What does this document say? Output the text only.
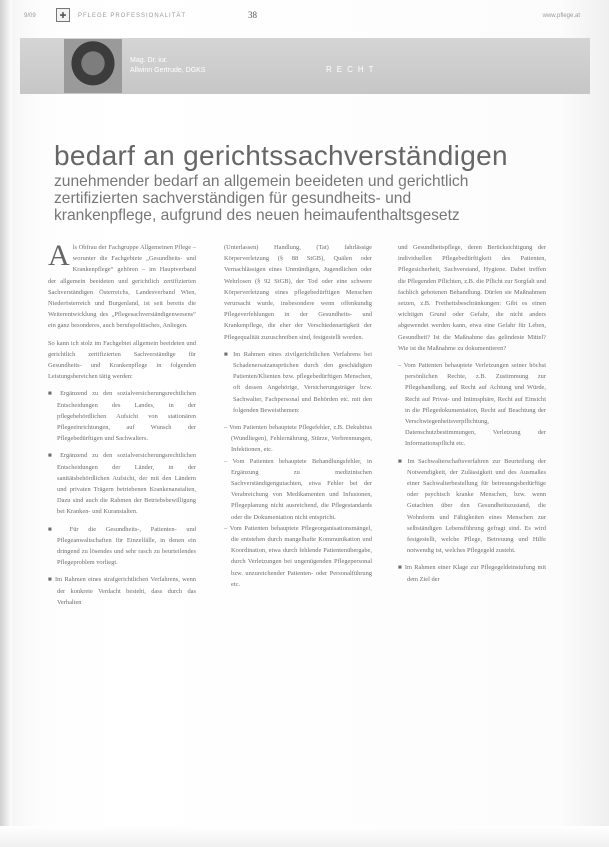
9/09	✚	PFLEGE PROFESSIONALITÄT	38	www.pflege.at
Mag. Dr. iur.
Allwinn Gertrude, DGKS	RECHT
bedarf an gerichtssachverständigen
zunehmender bedarf an allgemein beeideten und gerichtlich
zertifizierten sachverständigen für gesundheits- und
krankenpflege, aufgrund des neuen heimaufenthaltsgesetz

Als Obfrau der Fachgruppe Allgemeinen Pflege – worunter die Fachgebiete „Gesundheits- und Krankenpflege“ gehören – im Hauptverband der allgemein beeideten und gerichtlich zertifizierten Sachverständigen Österreichs, Landesverband Wien, Niederösterreich und Burgenland, ist seit bereits die Weiterentwicklung des „Pflegesachverständigenwesens“ ein ganz besonderes, auch berufspolitisches, Anliegen.

So kann ich stolz im Fachgebiet allgemein beeideten und gerichtlich zertifizierten Sachverständige für Gesundheits- und Krankenpflege in folgenden Leistungsbereichen tätig werden:

■ Ergänzend zu den sozialversicherungsrechtlichen Entscheidungen des Landes, in der pflegebehördlichen Aufsicht von stationären Pflegeeinrichtungen, auf Wunsch der Pflegebedürftigen und Sachwalters.

■ Ergänzend zu den sozialversicherungsrechtlichen Entscheidungen der Länder, in der sanitätsbehördlichen Aufsicht, der mit den Ländern und privaten Trägern betriebenen Krankenanstalten, Dazu sind auch die Rahmen der Betriebsbewilligung bei Kranken- und Kuranstalten.

■ Für die Gesundheits-, Patienten- und Pflegeanwaltschaften für Einzelfälle, in denen ein dringend zu lösendes und sehr rasch zu beurteilendes Pflegeproblem vorliegt.

■ Im Rahmen eines strafgerichtlichen Verfahrens, wenn der konkrete Verdacht besteht, dass durch das Verhalten

(Unterlassen) Handlung, (Tat) fahrlässige Körperverletzung (§ 88 StGB), Quälen oder Vernachlässigen eines Unmündigen, Jugendlichen oder Wehrlosen (§ 92 StGB), der Tod oder eine schwere Körperverletzung eines pflegebedürftigen Menschen verursacht wurde, insbesondere wenn offenkundig Pflegeverfehlungen in der Gesundheits- und Krankenpflege, die eher der Verschiedenartigkeit der Pflegequalität zuzuschreiben sind, festgestellt worden.

■ Im Rahmen eines zivilgerichtlichen Verfahrens bei Schadenersatzansprüchen durch den geschädigten Patienten/Klienten bzw. pflegebedürftigen Menschen, oft dessen Angehörige, Versicherungsträger bzw. Sachwalter, Fachpersonal und Behörden etc. mit den folgenden Beweisthemen:

– Vom Patienten behauptete Pflegefehler, z.B. Dekubitus (Wundliegen), Fehlernährung, Stürze, Verbrennungen, Infektionen, etc.

– Vom Patienten behauptete Behandlungsfehler, in Ergänzung zu medizinischen Sachverständigengutachten, etwa Fehler bei der Verabreichung von Medikamenten und Infusionen, Pflegeplanung nicht ausreichend, die Pflegestandards oder die Dokumentation nicht entspricht.

– Vom Patienten behauptete Pflegeorganisationsmängel, die entstehen durch mangelhafte Kommunikation und Koordination, etwa durch fehlende Patientenübergabe, durch Verletzungen bei ungenügenden Pflegepersonal bzw. unzureichender Patienten- oder Personalführung etc.

und Gesundheitspflege, deren Berücksichtigung der individuellen Pflegebedürftigkeit des Patienten, Pflegesicherheit, Sachverstand, Hygiene. Dabei treffen die Pflegenden Pflichten, z.B. die Pflicht zur Sorgfalt und fachlich gebotenen Behandlung. Dürfen sie Maßnahmen setzen, z.B. Freiheitsbeschränkungen: Gibt es einen wichtigen Grund oder Gefahr, die nicht anders abgewendet werden kann, etwa eine Gefahr für Leben, Gesundheit? Ist die Maßnahme das gelindeste Mittel? Wie ist die Maßnahme zu dokumentieren?

– Vom Patienten behauptete Verletzungen seiner höchst persönlichen Rechte, z.B. Zustimmung zur Pflegehandlung, auf Recht auf Achtung und Würde, Recht auf Privat- und Intimsphäre, Recht auf Einsicht in die Pflegedokumentation, Recht auf Beachtung der Verschwiegenheitsverpflichtung, Datenschutzbestimmungen, Verletzung der Informationspflicht etc.

■ Im Sachwalterschaftsverfahren zur Beurteilung der Notwendigkeit, der Zulässigkeit und des Ausmaßes einer Sachwalterbestellung für betreuungsbedürftige oder psychisch kranke Menschen, bzw. wenn Gutachten über den Gesundheitszustand, die Wohnform und Fähigkeiten eines Menschen zur selbständigen Lebensführung gefragt sind. Es wird festgestellt, welche Pflege, Betreuung und Hilfe notwendig ist, welches Pflegegeld zusteht.

■ Im Rahmen einer Klage zur Pflegegeldeinstufung mit dem Ziel der
